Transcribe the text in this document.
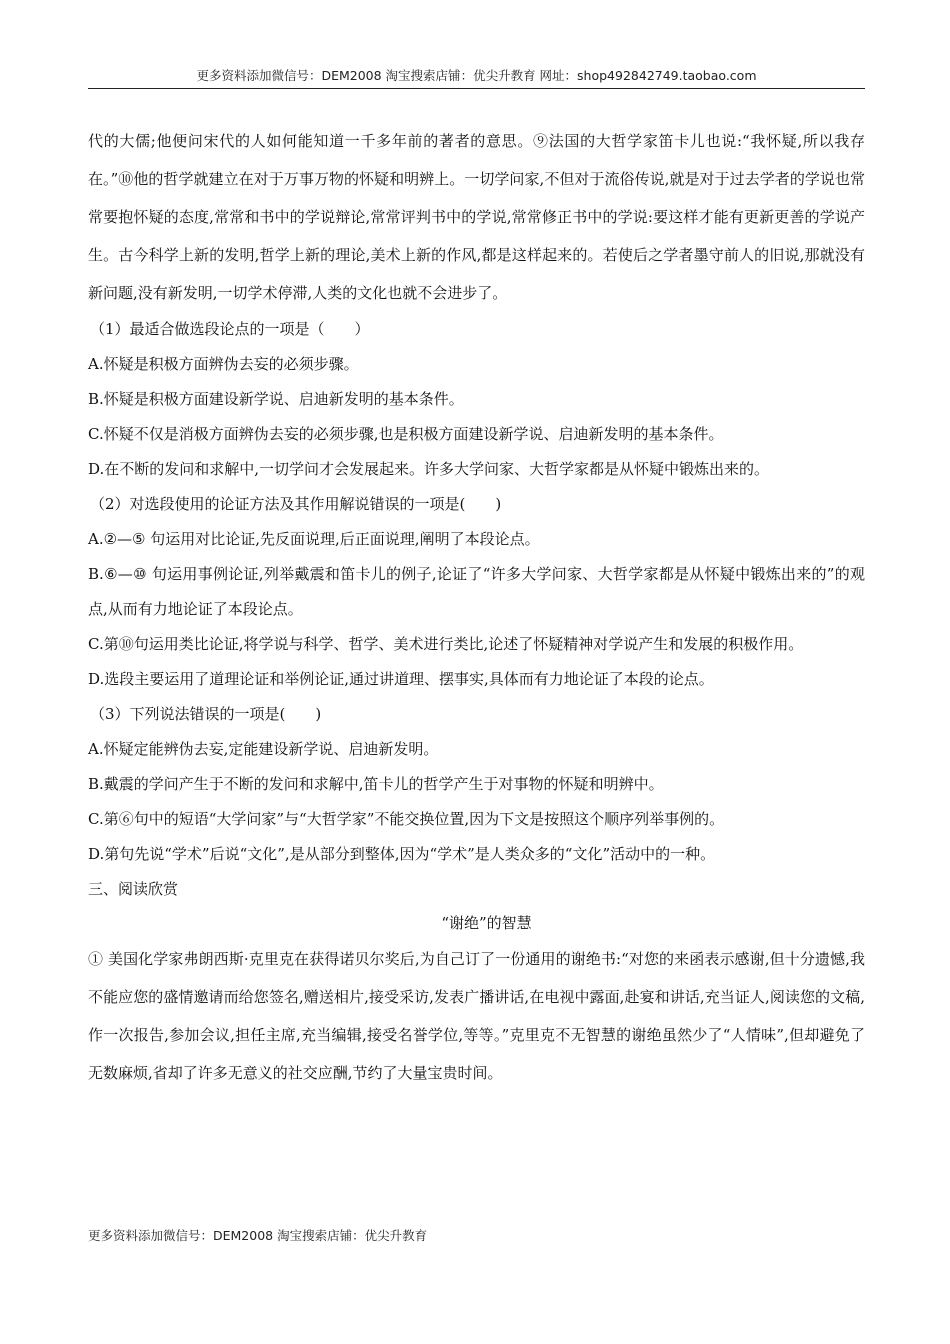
更多资料添加微信号：DEM2008 淘宝搜索店铺：优尖升教育 网址：shop492842749.taobao.com

代的大儒;他便问宋代的人如何能知道一千多年前的著者的意思。⑨法国的大哲学家笛卡儿也说:“我怀疑,所以我存在。”⑩他的哲学就建立在对于万事万物的怀疑和明辨上。一切学问家,不但对于流俗传说,就是对于过去学者的学说也常常要抱怀疑的态度,常常和书中的学说辩论,常常评判书中的学说,常常修正书中的学说:要这样才能有更新更善的学说产生。古今科学上新的发明,哲学上新的理论,美术上新的作风,都是这样起来的。若使后之学者墨守前人的旧说,那就没有新问题,没有新发明,一切学术停滞,人类的文化也就不会进步了。

（1）最适合做选段论点的一项是（　　）

A.怀疑是积极方面辨伪去妄的必须步骤。

B.怀疑是积极方面建设新学说、启迪新发明的基本条件。

C.怀疑不仅是消极方面辨伪去妄的必须步骤,也是积极方面建设新学说、启迪新发明的基本条件。

D.在不断的发问和求解中,一切学问才会发展起来。许多大学问家、大哲学家都是从怀疑中锻炼出来的。

（2）对选段使用的论证方法及其作用解说错误的一项是(　　)

A.②—⑤ 句运用对比论证,先反面说理,后正面说理,阐明了本段论点。

B.⑥—⑩ 句运用事例论证,列举戴震和笛卡儿的例子,论证了“许多大学问家、大哲学家都是从怀疑中锻炼出来的”的观点,从而有力地论证了本段论点。

C.第⑩句运用类比论证,将学说与科学、哲学、美术进行类比,论述了怀疑精神对学说产生和发展的积极作用。

D.选段主要运用了道理论证和举例论证,通过讲道理、摆事实,具体而有力地论证了本段的论点。

（3）下列说法错误的一项是(　　)

A.怀疑定能辨伪去妄,定能建设新学说、启迪新发明。

B.戴震的学问产生于不断的发问和求解中,笛卡儿的哲学产生于对事物的怀疑和明辨中。

C.第⑥句中的短语“大学问家”与“大哲学家”不能交换位置,因为下文是按照这个顺序列举事例的。

D.第句先说“学术”后说“文化”,是从部分到整体,因为“学术”是人类众多的“文化”活动中的一种。

三、阅读欣赏

“谢绝”的智慧

① 美国化学家弗朗西斯·克里克在获得诺贝尔奖后,为自己订了一份通用的谢绝书:“对您的来函表示感谢,但十分遗憾,我不能应您的盛情邀请而给您签名,赠送相片,接受采访,发表广播讲话,在电视中露面,赴宴和讲话,充当证人,阅读您的文稿,作一次报告,参加会议,担任主席,充当编辑,接受名誉学位,等等。”克里克不无智慧的谢绝虽然少了“人情味”,但却避免了无数麻烦,省却了许多无意义的社交应酬,节约了大量宝贵时间。

更多资料添加微信号：DEM2008 淘宝搜索店铺：优尖升教育
